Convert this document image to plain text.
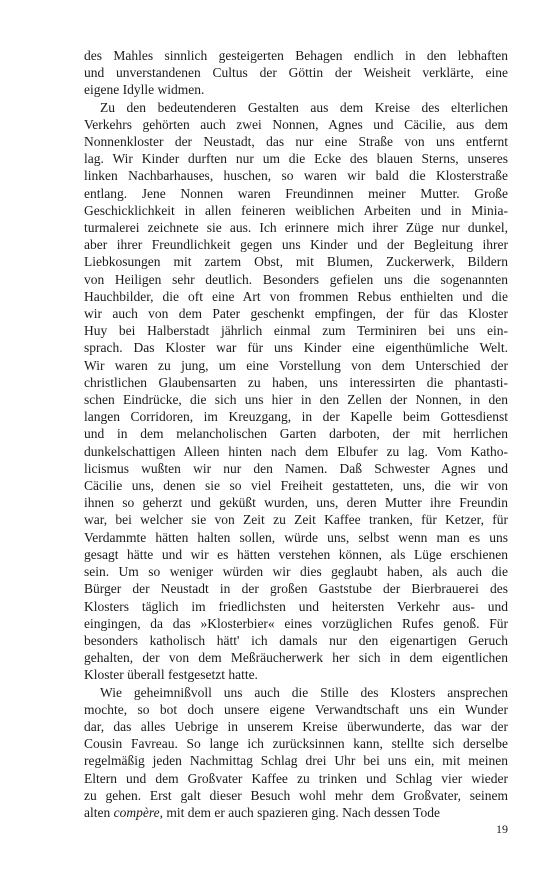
des Mahles sinnlich gesteigerten Behagen endlich in den lebhaften
und unverstandenen Cultus der Göttin der Weisheit verklärte, eine
eigene Idylle widmen.
Zu den bedeutenderen Gestalten aus dem Kreise des elterlichen
Verkehrs gehörten auch zwei Nonnen, Agnes und Cäcilie, aus dem
Nonnenkloster der Neustadt, das nur eine Straße von uns entfernt
lag. Wir Kinder durften nur um die Ecke des blauen Sterns, unseres
linken Nachbarhauses, huschen, so waren wir bald die Klosterstraße
entlang. Jene Nonnen waren Freundinnen meiner Mutter. Große
Geschicklichkeit in allen feineren weiblichen Arbeiten und in Minia-
turmalerei zeichnete sie aus. Ich erinnere mich ihrer Züge nur dunkel,
aber ihrer Freundlichkeit gegen uns Kinder und der Begleitung ihrer
Liebkosungen mit zartem Obst, mit Blumen, Zuckerwerk, Bildern
von Heiligen sehr deutlich. Besonders gefielen uns die sogenannten
Hauchbilder, die oft eine Art von frommen Rebus enthielten und die
wir auch von dem Pater geschenkt empfingen, der für das Kloster
Huy bei Halberstadt jährlich einmal zum Terminiren bei uns ein-
sprach. Das Kloster war für uns Kinder eine eigenthümliche Welt.
Wir waren zu jung, um eine Vorstellung von dem Unterschied der
christlichen Glaubensarten zu haben, uns interessirten die phantasti-
schen Eindrücke, die sich uns hier in den Zellen der Nonnen, in den
langen Corridoren, im Kreuzgang, in der Kapelle beim Gottesdienst
und in dem melancholischen Garten darboten, der mit herrlichen
dunkelschattigen Alleen hinten nach dem Elbufer zu lag. Vom Katho-
licismus wußten wir nur den Namen. Daß Schwester Agnes und
Cäcilie uns, denen sie so viel Freiheit gestatteten, uns, die wir von
ihnen so geherzt und geküßt wurden, uns, deren Mutter ihre Freundin
war, bei welcher sie von Zeit zu Zeit Kaffee tranken, für Ketzer, für
Verdammte hätten halten sollen, würde uns, selbst wenn man es uns
gesagt hätte und wir es hätten verstehen können, als Lüge erschienen
sein. Um so weniger würden wir dies geglaubt haben, als auch die
Bürger der Neustadt in der großen Gaststube der Bierbrauerei des
Klosters täglich im friedlichsten und heitersten Verkehr aus- und
eingingen, da das »Klosterbier« eines vorzüglichen Rufes genoß. Für
besonders katholisch hätt' ich damals nur den eigenartigen Geruch
gehalten, der von dem Meßräucherwerk her sich in dem eigentlichen
Kloster überall festgesetzt hatte.
Wie geheimnißvoll uns auch die Stille des Klosters ansprechen
mochte, so bot doch unsere eigene Verwandtschaft uns ein Wunder
dar, das alles Uebrige in unserem Kreise überwunderte, das war der
Cousin Favreau. So lange ich zurücksinnen kann, stellte sich derselbe
regelmäßig jeden Nachmittag Schlag drei Uhr bei uns ein, mit meinen
Eltern und dem Großvater Kaffee zu trinken und Schlag vier wieder
zu gehen. Erst galt dieser Besuch wohl mehr dem Großvater, seinem
alten compère, mit dem er auch spazieren ging. Nach dessen Tode
19
